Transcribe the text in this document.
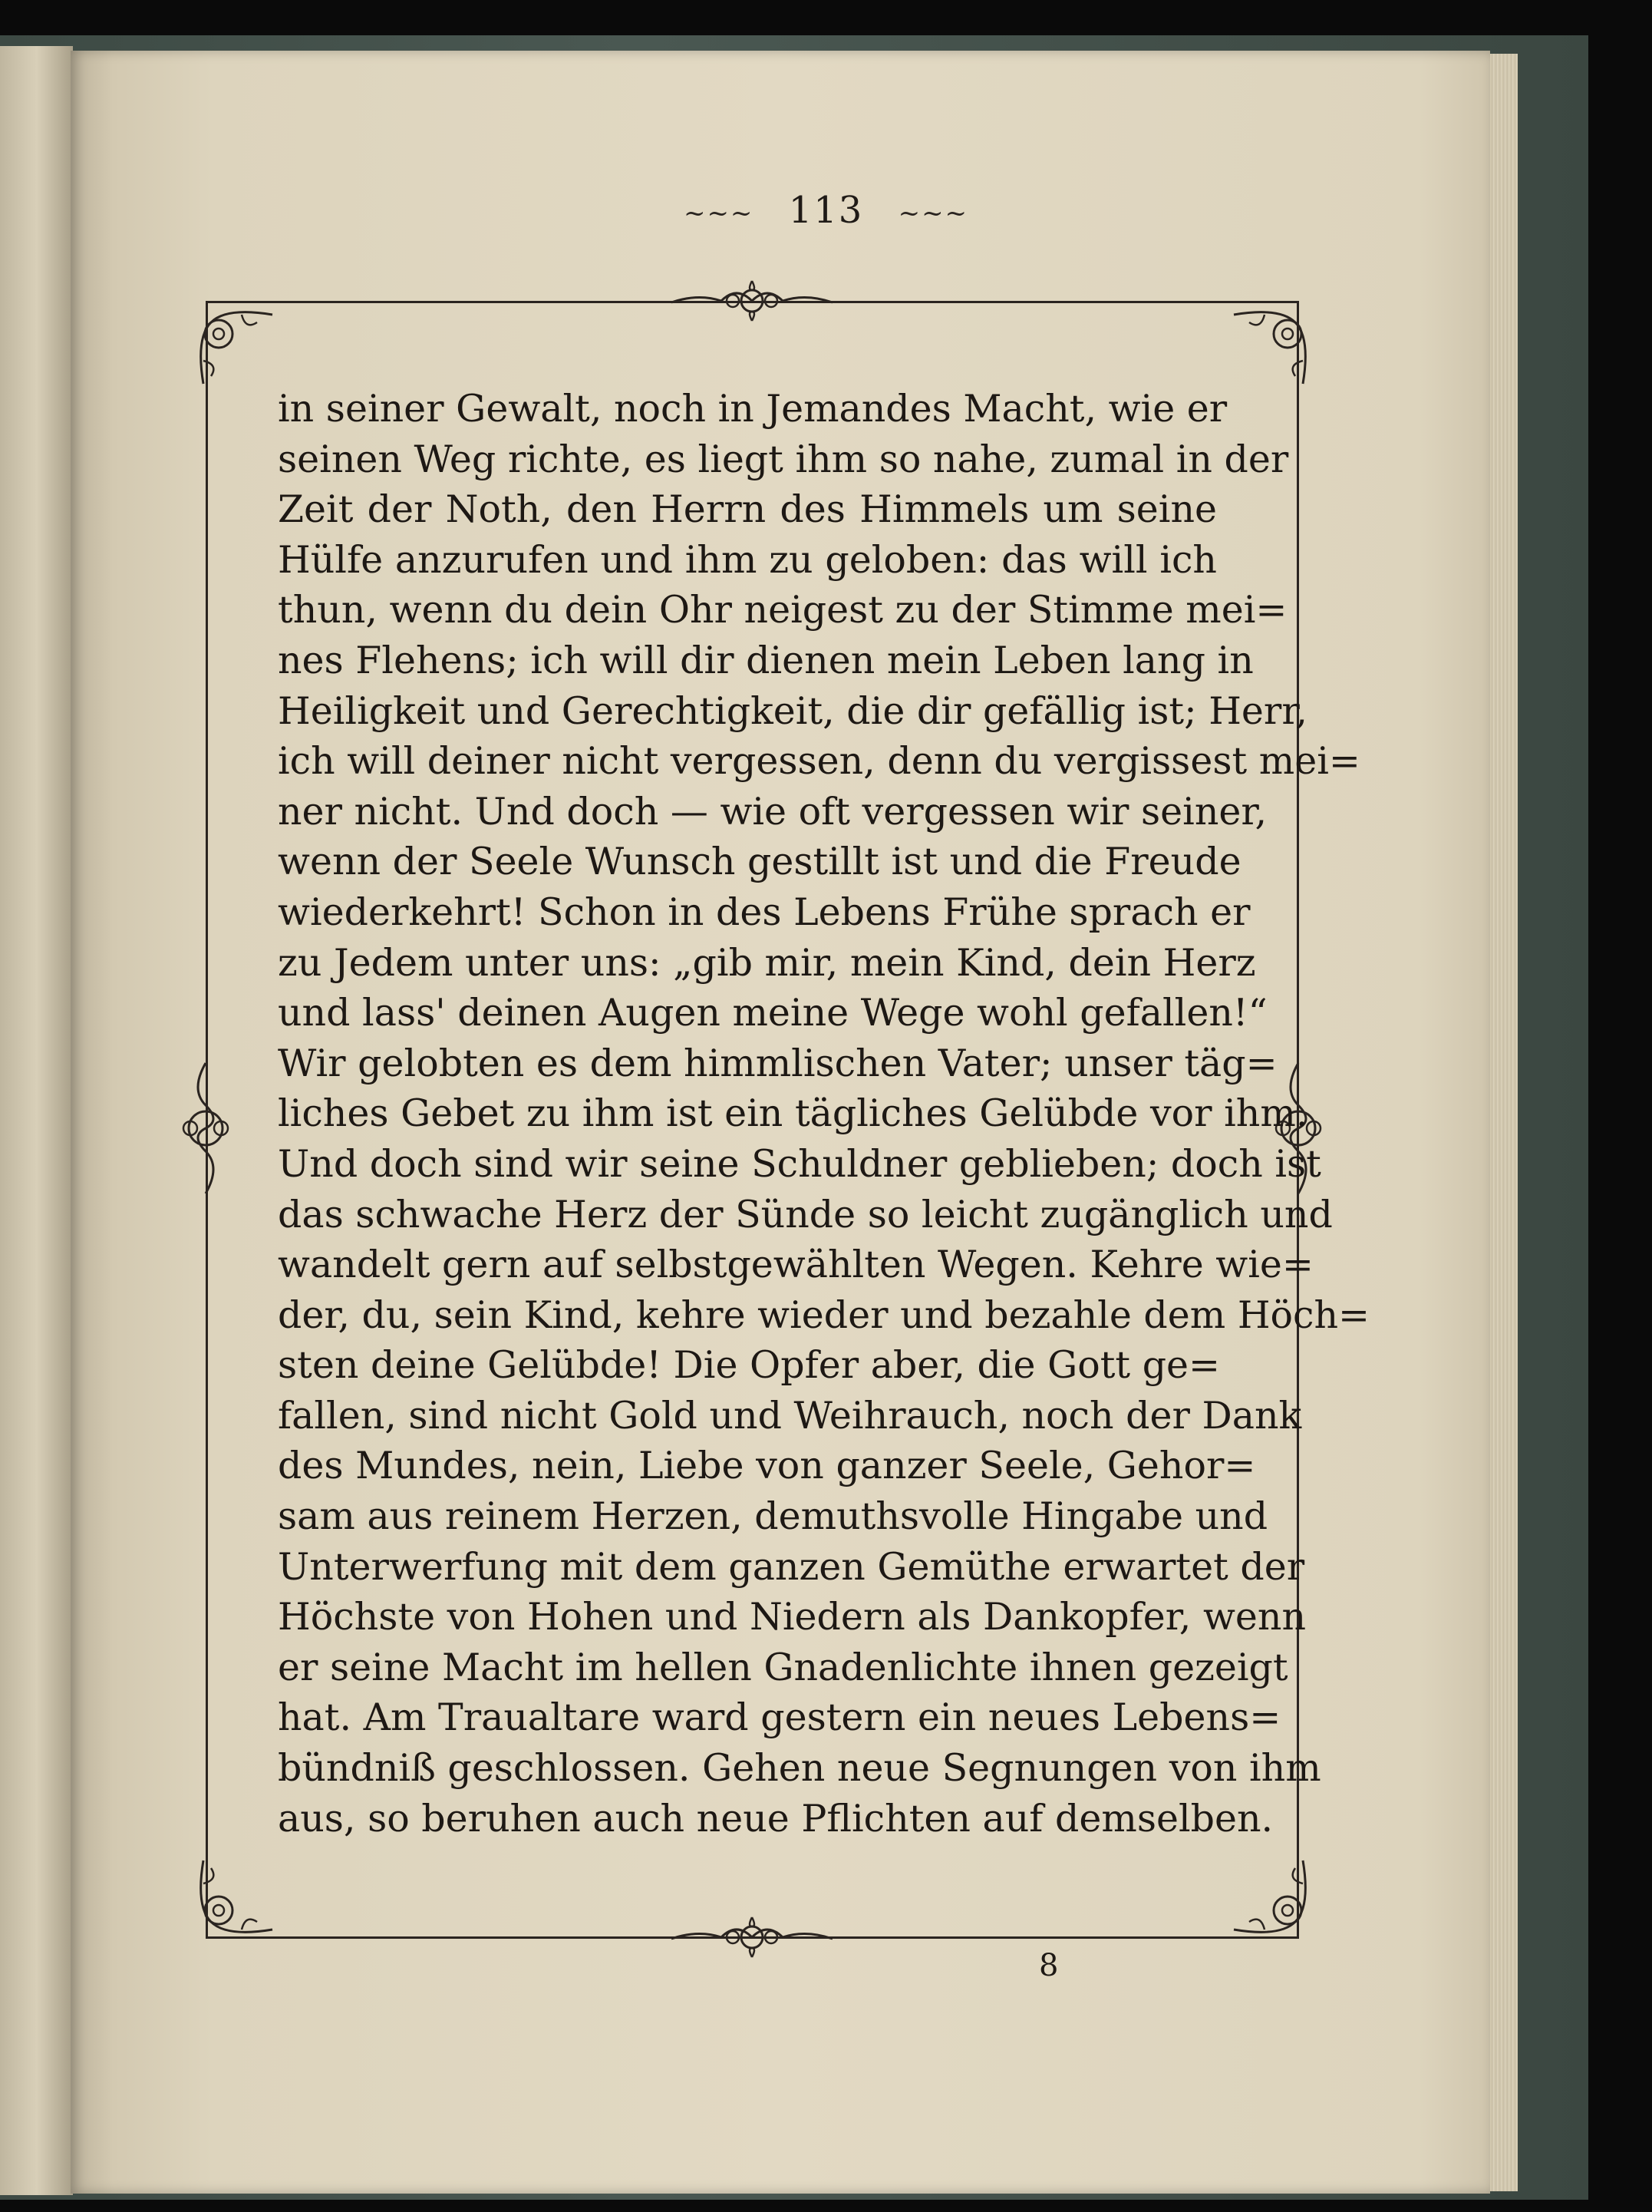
~~~ 113 ~~~
in seiner Gewalt, noch in Jemandes Macht, wie er
seinen Weg richte, es liegt ihm so nahe, zumal in der
Zeit der Noth, den Herrn des Himmels um seine
Hülfe anzurufen und ihm zu geloben: das will ich
thun, wenn du dein Ohr neigest zu der Stimme mei=
nes Flehens; ich will dir dienen mein Leben lang in
Heiligkeit und Gerechtigkeit, die dir gefällig ist; Herr,
ich will deiner nicht vergessen, denn du vergissest mei=
ner nicht. Und doch — wie oft vergessen wir seiner,
wenn der Seele Wunsch gestillt ist und die Freude
wiederkehrt! Schon in des Lebens Frühe sprach er
zu Jedem unter uns: „gib mir, mein Kind, dein Herz
und lass' deinen Augen meine Wege wohl gefallen!“
Wir gelobten es dem himmlischen Vater; unser täg=
liches Gebet zu ihm ist ein tägliches Gelübde vor ihm.
Und doch sind wir seine Schuldner geblieben; doch ist
das schwache Herz der Sünde so leicht zugänglich und
wandelt gern auf selbstgewählten Wegen. Kehre wie=
der, du, sein Kind, kehre wieder und bezahle dem Höch=
sten deine Gelübde! Die Opfer aber, die Gott ge=
fallen, sind nicht Gold und Weihrauch, noch der Dank
des Mundes, nein, Liebe von ganzer Seele, Gehor=
sam aus reinem Herzen, demuthsvolle Hingabe und
Unterwerfung mit dem ganzen Gemüthe erwartet der
Höchste von Hohen und Niedern als Dankopfer, wenn
er seine Macht im hellen Gnadenlichte ihnen gezeigt
hat. Am Traualtare ward gestern ein neues Lebens=
bündniß geschlossen. Gehen neue Segnungen von ihm
aus, so beruhen auch neue Pflichten auf demselben.
8
